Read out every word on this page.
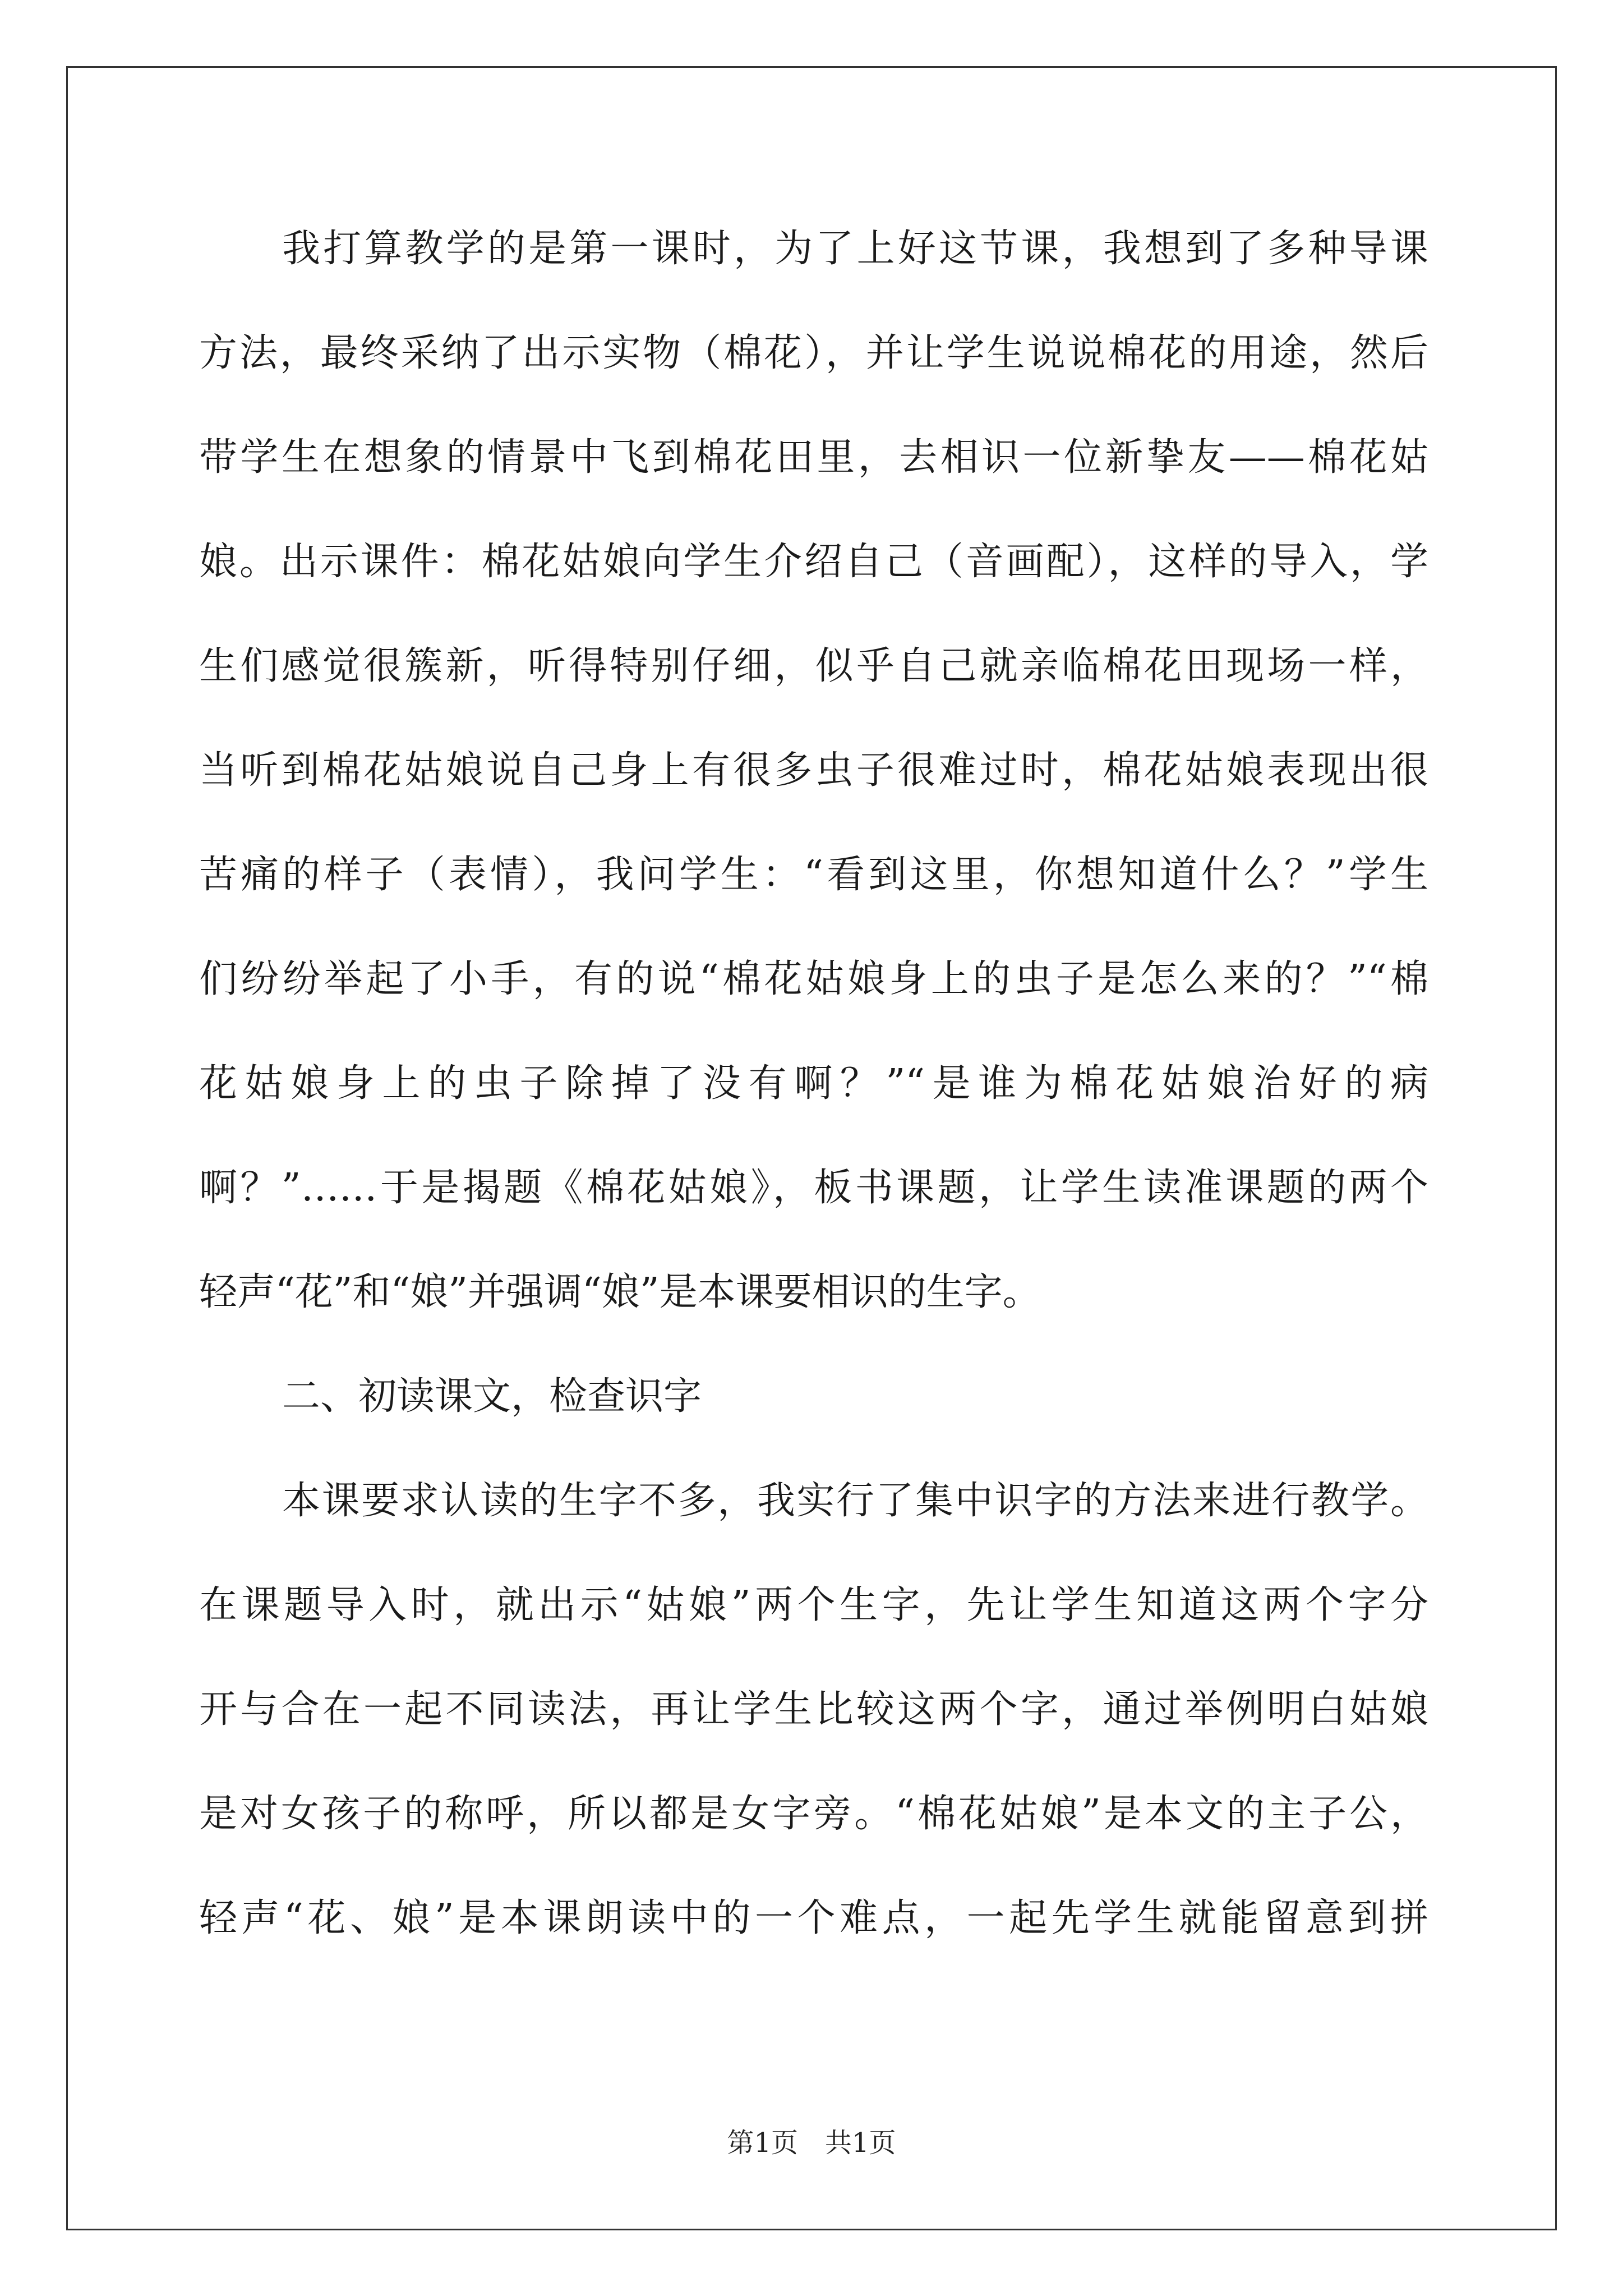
我打算教学的是第一课时，为了上好这节课，我想到了多种导课
方法，最终采纳了出示实物（棉花），并让学生说说棉花的用途，然后
带学生在想象的情景中飞到棉花田里，去相识一位新挚友——棉花姑
娘。出示课件：棉花姑娘向学生介绍自己（音画配），这样的导入，学
生们感觉很簇新，听得特别仔细，似乎自己就亲临棉花田现场一样，
当听到棉花姑娘说自己身上有很多虫子很难过时，棉花姑娘表现出很
苦痛的样子（表情），我问学生：“看到这里，你想知道什么？”学生
们纷纷举起了小手，有的说“棉花姑娘身上的虫子是怎么来的？”“棉
花姑娘身上的虫子除掉了没有啊？”“是谁为棉花姑娘治好的病
啊？”……于是揭题《棉花姑娘》，板书课题，让学生读准课题的两个
轻声“花”和“娘”并强调“娘”是本课要相识的生字。
二、初读课文，检查识字
本课要求认读的生字不多，我实行了集中识字的方法来进行教学。
在课题导入时，就出示“姑娘”两个生字，先让学生知道这两个字分
开与合在一起不同读法，再让学生比较这两个字，通过举例明白姑娘
是对女孩子的称呼，所以都是女字旁。“棉花姑娘”是本文的主子公，
轻声“花、娘”是本课朗读中的一个难点，一起先学生就能留意到拼
第1页　共1页
